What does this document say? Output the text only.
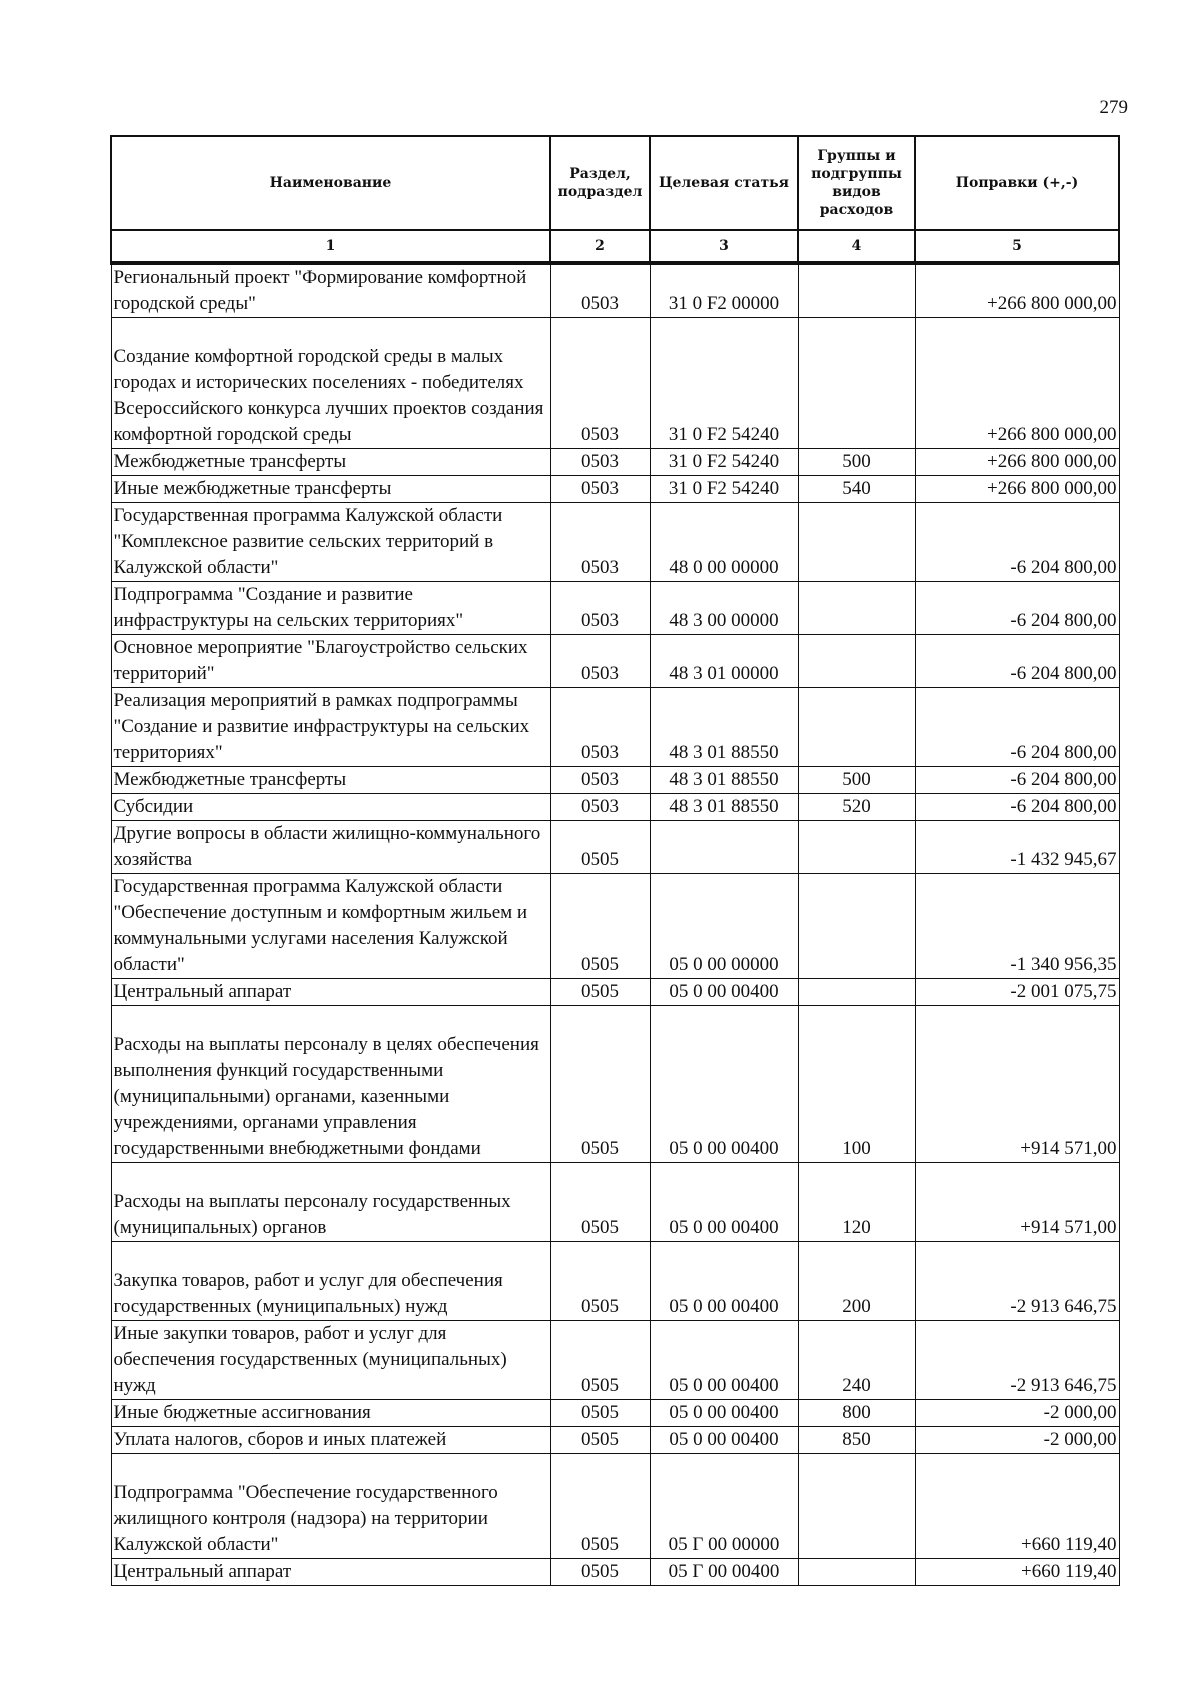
279
Наименование	Раздел, подраздел	Целевая статья	Группы и подгруппы видов расходов	Поправки (+,-)
1	2	3	4	5
Региональный проект "Формирование комфортной городской среды"	0503	31 0 F2 00000		+266 800 000,00
Создание комфортной городской среды в малых городах и исторических поселениях - победителях Всероссийского конкурса лучших проектов создания комфортной городской среды	0503	31 0 F2 54240		+266 800 000,00
Межбюджетные трансферты	0503	31 0 F2 54240	500	+266 800 000,00
Иные межбюджетные трансферты	0503	31 0 F2 54240	540	+266 800 000,00
Государственная программа Калужской области "Комплексное развитие сельских территорий в Калужской области"	0503	48 0 00 00000		-6 204 800,00
Подпрограмма "Создание и развитие инфраструктуры на сельских территориях"	0503	48 3 00 00000		-6 204 800,00
Основное мероприятие "Благоустройство сельских территорий"	0503	48 3 01 00000		-6 204 800,00
Реализация мероприятий в рамках подпрограммы "Создание и развитие инфраструктуры на сельских территориях"	0503	48 3 01 88550		-6 204 800,00
Межбюджетные трансферты	0503	48 3 01 88550	500	-6 204 800,00
Субсидии	0503	48 3 01 88550	520	-6 204 800,00
Другие вопросы в области жилищно-коммунального хозяйства	0505			-1 432 945,67
Государственная программа Калужской области "Обеспечение доступным и комфортным жильем и коммунальными услугами населения Калужской области"	0505	05 0 00 00000		-1 340 956,35
Центральный аппарат	0505	05 0 00 00400		-2 001 075,75
Расходы на выплаты персоналу в целях обеспечения выполнения функций государственными (муниципальными) органами, казенными учреждениями, органами управления государственными внебюджетными фондами	0505	05 0 00 00400	100	+914 571,00
Расходы на выплаты персоналу государственных (муниципальных) органов	0505	05 0 00 00400	120	+914 571,00
Закупка товаров, работ и услуг для обеспечения государственных (муниципальных) нужд	0505	05 0 00 00400	200	-2 913 646,75
Иные закупки товаров, работ и услуг для обеспечения государственных (муниципальных) нужд	0505	05 0 00 00400	240	-2 913 646,75
Иные бюджетные ассигнования	0505	05 0 00 00400	800	-2 000,00
Уплата налогов, сборов и иных платежей	0505	05 0 00 00400	850	-2 000,00
Подпрограмма "Обеспечение государственного жилищного контроля (надзора) на территории Калужской области"	0505	05 Г 00 00000		+660 119,40
Центральный аппарат	0505	05 Г 00 00400		+660 119,40
